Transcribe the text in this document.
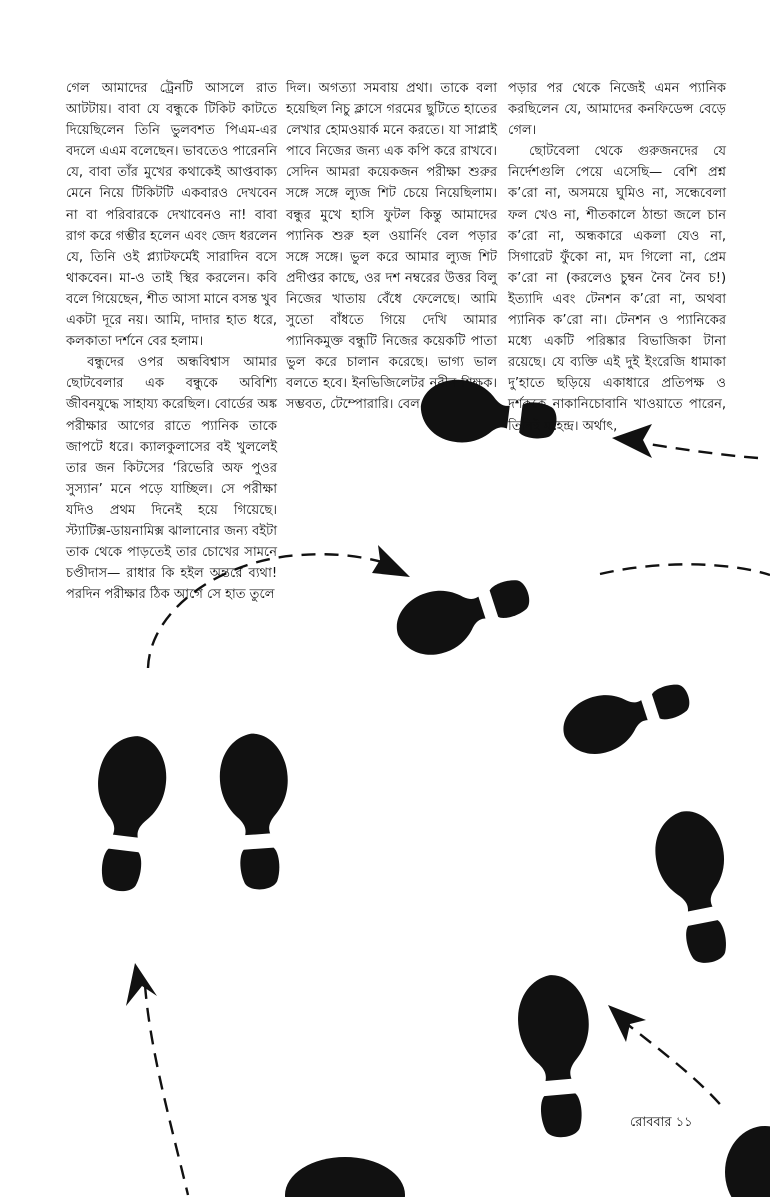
গেল আমাদের ট্রেনটি আসলে রাত আটটায়। বাবা যে বন্ধুকে টিকিট কাটতে দিয়েছিলেন তিনি ভুলবশত পিএম-এর বদলে এএম বলেছেন। ভাবতেও পারেননি যে, বাবা তাঁর মুখের কথাকেই আপ্তবাক্য মেনে নিয়ে টিকিটটি একবারও দেখবেন না বা পরিবারকে দেখাবেনও না! বাবা রাগ করে গম্ভীর হলেন এবং জেদ ধরলেন যে, তিনি ওই প্ল্যাটফর্মেই সারাদিন বসে থাকবেন। মা-ও তাই স্থির করলেন। কবি বলে গিয়েছেন, শীত আসা মানে বসন্ত খুব একটা দূরে নয়। আমি, দাদার হাত ধরে, কলকাতা দর্শনে বের হলাম।

বন্ধুদের ওপর অন্ধবিশ্বাস আমার ছোটবেলার এক বন্ধুকে অবিশ্যি জীবনযুদ্ধে সাহায্য করেছিল। বোর্ডের অঙ্ক পরীক্ষার আগের রাতে প্যানিক তাকে জাপটে ধরে। ক্যালকুলাসের বই খুললেই তার জন কিটসের ‘রিভেরি অফ পুওর সুস্যান’ মনে পড়ে যাচ্ছিল। সে পরীক্ষা যদিও প্রথম দিনেই হয়ে গিয়েছে। স্ট্যাটিক্স-ডায়নামিক্স ঝালানোর জন্য বইটা তাক থেকে পাড়তেই তার চোখের সামনে চণ্ডীদাস— রাধার কি হইল অন্তরে ব্যথা! পরদিন পরীক্ষার ঠিক আগে সে হাত তুলে

দিল। অগত্যা সমবায় প্রথা। তাকে বলা হয়েছিল নিচু ক্লাসে গরমের ছুটিতে হাতের লেখার হোমওয়ার্ক মনে করতে। যা সাপ্লাই পাবে নিজের জন্য এক কপি করে রাখবে। সেদিন আমরা কয়েকজন পরীক্ষা শুরুর সঙ্গে সঙ্গে ল্যুজ শিট চেয়ে নিয়েছিলাম। বন্ধুর মুখে হাসি ফুটল কিন্তু আমাদের প্যানিক শুরু হল ওয়ার্নিং বেল পড়ার সঙ্গে সঙ্গে। ভুল করে আমার ল্যুজ শিট প্রদীপ্তর কাছে, ওর দশ নম্বরের উত্তর বিলু নিজের খাতায় বেঁধে ফেলেছে। আমি সুতো বাঁধতে গিয়ে দেখি আমার প্যানিকমুক্ত বন্ধুটি নিজের কয়েকটি পাতা ভুল করে চালান করেছে। ভাগ্য ভাল বলতে হবে। ইনভিজিলেটর নবীন শিক্ষক। সম্ভবত, টেম্পোরারি। বেল

পড়ার পর থেকে নিজেই এমন প্যানিক করছিলেন যে, আমাদের কনফিডেন্স বেড়ে গেল।

ছোটবেলা থেকে গুরুজনদের যে নির্দেশগুলি পেয়ে এসেছি— বেশি প্রশ্ন ক’রো না, অসময়ে ঘুমিও না, সন্ধেবেলা ফল খেও না, শীতকালে ঠান্ডা জলে চান ক’রো না, অন্ধকারে একলা যেও না, সিগারেট ফুঁকো না, মদ গিলো না, প্রেম ক’রো না (করলেও চুম্বন নৈব নৈব চ!) ইত্যাদি এবং টেনশন ক’রো না, অথবা প্যানিক ক’রো না। টেনশন ও প্যানিকের মধ্যে একটি পরিষ্কার বিভাজিকা টানা রয়েছে। যে ব্যক্তি এই দুই ইংরেজি ধামাকা দু’হাতে ছড়িয়ে একাধারে প্রতিপক্ষ ও দর্শককে নাকানিচোবানি খাওয়াতে পারেন, তিনিই মহেন্দ্র। অর্থাৎ,

রোববার ১১
